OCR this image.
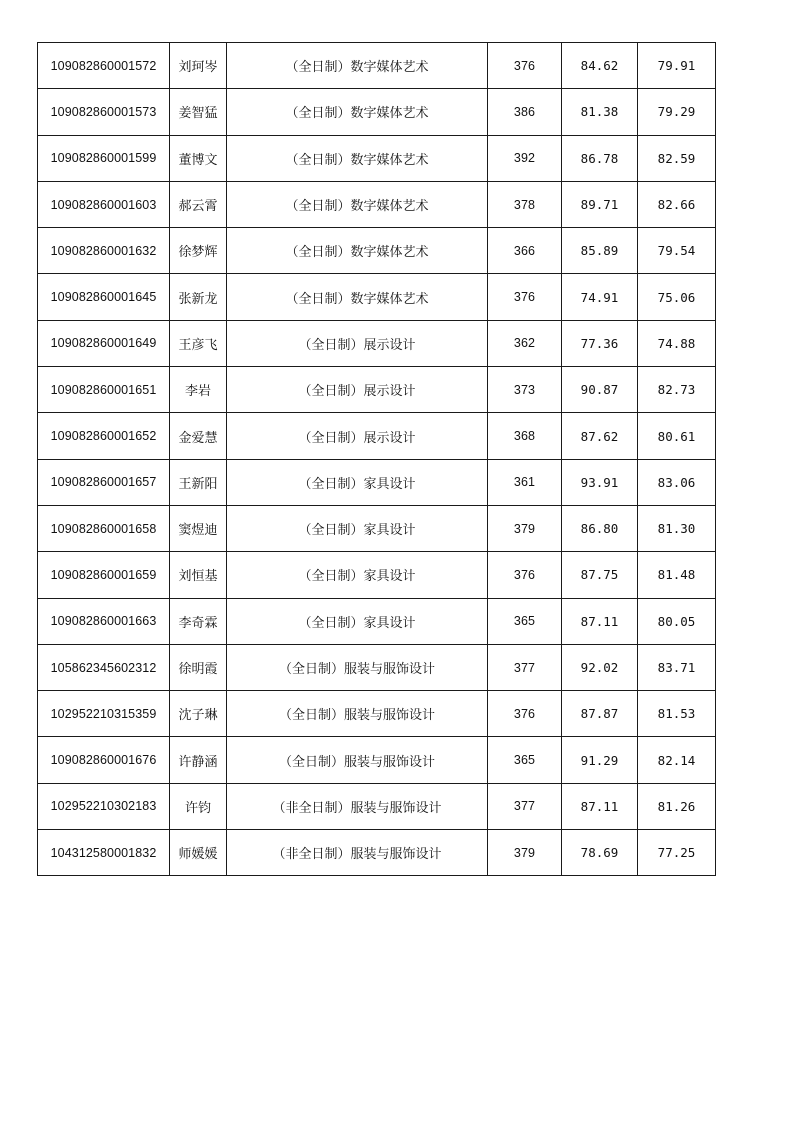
109082860001572	刘珂岑	（全日制）数字媒体艺术	376	84.62	79.91
109082860001573	姜智猛	（全日制）数字媒体艺术	386	81.38	79.29
109082860001599	董博文	（全日制）数字媒体艺术	392	86.78	82.59
109082860001603	郝云霄	（全日制）数字媒体艺术	378	89.71	82.66
109082860001632	徐梦辉	（全日制）数字媒体艺术	366	85.89	79.54
109082860001645	张新龙	（全日制）数字媒体艺术	376	74.91	75.06
109082860001649	王彦飞	（全日制）展示设计	362	77.36	74.88
109082860001651	李岩	（全日制）展示设计	373	90.87	82.73
109082860001652	金爱慧	（全日制）展示设计	368	87.62	80.61
109082860001657	王新阳	（全日制）家具设计	361	93.91	83.06
109082860001658	窦煜迪	（全日制）家具设计	379	86.80	81.30
109082860001659	刘恒基	（全日制）家具设计	376	87.75	81.48
109082860001663	李奇霖	（全日制）家具设计	365	87.11	80.05
105862345602312	徐明霞	（全日制）服装与服饰设计	377	92.02	83.71
102952210315359	沈子琳	（全日制）服装与服饰设计	376	87.87	81.53
109082860001676	许静涵	（全日制）服装与服饰设计	365	91.29	82.14
102952210302183	许钧	（非全日制）服装与服饰设计	377	87.11	81.26
104312580001832	师媛媛	（非全日制）服装与服饰设计	379	78.69	77.25
